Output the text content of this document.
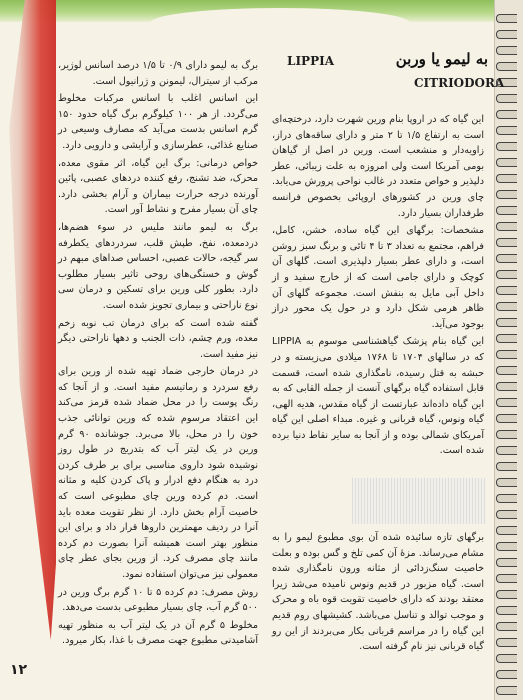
به لیمو یا وربن
LIPPIA
CITRIODORA

این گیاه که در اروپا بنام ورین شهرت دارد، درختچه‌ای است به ارتفاع ۱/۵ تا ۲ متر و دارای ساقه‌های دراز، زاویه‌دار و منشعب است. ورین در اصل از گیاهان بومی آمریکا است ولی امروزه به علت زیبائی، عطر دلپذیر و خواص متعدد در غالب نواحی پرورش می‌یابد. چای ورین در کشورهای اروپائی بخصوص فرانسه طرفداران بسیار دارد.

مشخصات: برگهای این گیاه ساده، خشن، کامل، فراهم، مجتمع به تعداد ۳ تا ۴ تائی و برنگ سبز روشن است، و دارای عطر بسیار دلپذیری است. گلهای آن کوچک و دارای جامی است که از خارج سفید و از داخل آبی مایل به بنفش است. مجموعه گلهای آن ظاهر هرمی شکل دارد و در حول یک محور دراز بوجود می‌آید.

این گیاه بنام پزشک گیاهشناسی موسوم به LIPPIA که در سالهای ۱۷۰۴ تا ۱۷۶۸ میلادی می‌زیسته و در حبشه به قتل رسیده، نامگذاری شده است، قسمت قابل استفاده گیاه برگهای آنست از جمله القابی که به این گیاه داده‌اند عبارتست از گیاه مقدس، هدیه الهی، گیاه ونوس، گیاه قربانی و غیره. مبداء اصلی این گیاه آمریکای شمالی بوده و از آنجا به سایر نقاط دنیا برده شده است.

برگهای تازه سائیده شده آن بوی مطبوع لیمو را به مشام می‌رساند. مزهٔ آن کمی تلخ و گس بوده و بعلت خاصیت سنگ‌زدائی از مثانه ورون نامگذاری شده است. گیاه مزبور در قدیم ونوس نامیده می‌شد زیرا معتقد بودند که دارای خاصیت تقویت قوه باه و محرک و موجب توالد و تناسل می‌باشد. کشیشهای روم قدیم این گیاه را در مراسم قربانی بکار می‌بردند از این رو گیاه قربانی نیز نام گرفته است.

برگ به لیمو دارای ۰/۹ تا ۱/۵ درصد اسانس لوژیر، مرکب از سیترال، لیمونن و ژرانیول است.

این اسانس اغلب با اسانس مرکبات مخلوط می‌گردد. از هر ۱۰۰ کیلوگرم برگ گیاه حدود ۱۵۰ گرم اسانس بدست می‌آید که مصارف وسیعی در صنایع غذائی، عطرسازی و آرایشی و دارویی دارد.

خواص درمانی: برگ این گیاه، اثر مقوی معده، محرک، ضد تشنج، رفع کننده دردهای عصبی، پائین آورنده درجه حرارت بیماران و آرام بخشی دارد. چای آن بسیار مفرح و نشاط آور است.

برگ به لیمو مانند ملیس در سوء هضم‌ها، دردمعده، نفخ، طپش قلب، سردردهای یکطرفه سر گیجه، حالات عصبی، احساس صداهای مبهم در گوش و خستگی‌های روحی تاثیر بسیار مطلوب دارد. بطور کلی ورین برای تسکین و درمان سی نوع ناراحتی و بیماری تجویز شده است.

گفته شده است که برای درمان تب نوبه زخم معده، ورم چشم، ذات الجنب و دهها ناراحتی دیگر نیز مفید است.

در درمان خارجی ضماد تهیه شده از ورین برای رفع سردرد و رماتیسم مفید است. و از آنجا که رنگ پوست را در محل ضماد شده قرمز می‌کند این اعتقاد مرسوم شده که ورین توانائی جذب خون را در محل، بالا می‌برد. جوشانده ۹۰ گرم ورین در یک لیتر آب که بتدریج در طول روز نوشیده شود داروی مناسبی برای بر طرف کردن درد به هنگام دفع ادرار و پاک کردن کلیه و مثانه است. دم کرده ورین چای مطبوعی است که خاصیت آرام بخش دارد. از نظر تقویت معده باید آنرا در ردیف مهمترین داروها قرار داد و برای این منظور بهتر است همیشه آنرا بصورت دم کرده مانند چای مصرف کرد. از ورین بجای عطر چای معمولی نیز می‌توان استفاده نمود.

روش مصرف: دم کرده ۵ تا ۱۰ گرم برگ ورین در ۵۰۰ گرم آب، چای بسیار مطبوعی بدست می‌دهد.

مخلوط ۵ گرم آن در یک لیتر آب به منظور تهیه آشامیدنی مطبوع جهت مصرف با غذا، بکار میرود.

۱۲
